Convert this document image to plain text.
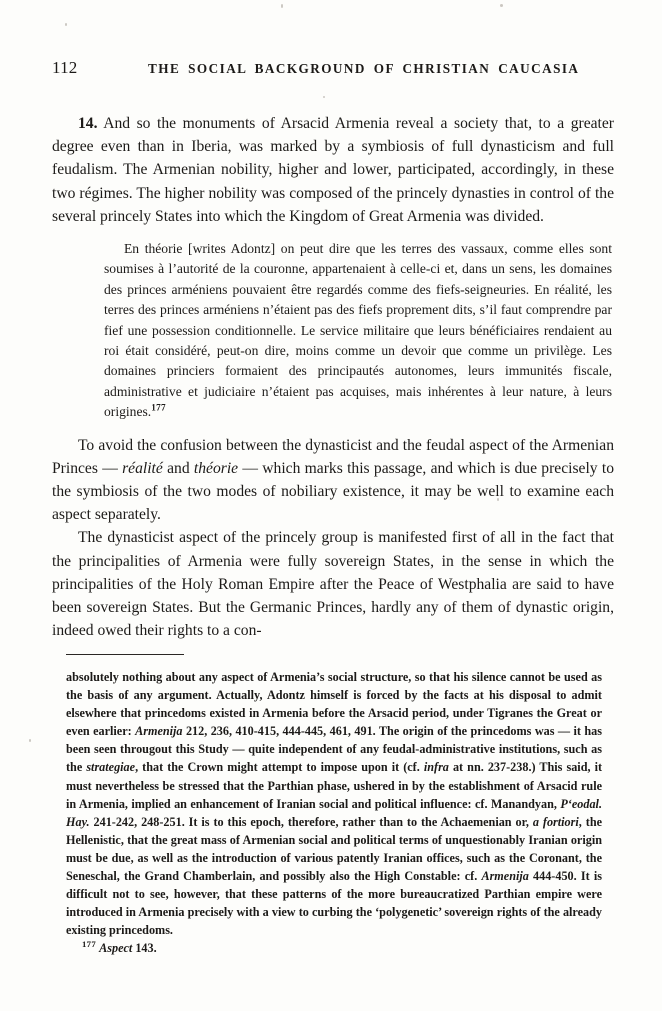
112	THE SOCIAL BACKGROUND OF CHRISTIAN CAUCASIA

14. And so the monuments of Arsacid Armenia reveal a society that, to a greater degree even than in Iberia, was marked by a symbiosis of full dynasticism and full feudalism. The Armenian nobility, higher and lower, participated, accordingly, in these two régimes. The higher nobility was composed of the princely dynasties in control of the several princely States into which the Kingdom of Great Armenia was divided.

En théorie [writes Adontz] on peut dire que les terres des vassaux, comme elles sont soumises à l’autorité de la couronne, appartenaient à celle-ci et, dans un sens, les domaines des princes arméniens pouvaient être regardés comme des fiefs-seigneuries. En réalité, les terres des princes arméniens n’étaient pas des fiefs proprement dits, s’il faut comprendre par fief une possession conditionnelle. Le service militaire que leurs bénéficiaires rendaient au roi était considéré, peut-on dire, moins comme un devoir que comme un privilège. Les domaines princiers formaient des principautés autonomes, leurs immunités fiscale, administrative et judiciaire n’étaient pas acquises, mais inhérentes à leur nature, à leurs origines.$^{177}$

To avoid the confusion between the dynasticist and the feudal aspect of the Armenian Princes — réalité and théorie — which marks this passage, and which is due precisely to the symbiosis of the two modes of nobiliary existence, it may be well to examine each aspect separately.

The dynasticist aspect of the princely group is manifested first of all in the fact that the principalities of Armenia were fully sovereign States, in the sense in which the principalities of the Holy Roman Empire after the Peace of Westphalia are said to have been sovereign States. But the Germanic Princes, hardly any of them of dynastic origin, indeed owed their rights to a con-

absolutely nothing about any aspect of Armenia’s social structure, so that his silence cannot be used as the basis of any argument. Actually, Adontz himself is forced by the facts at his disposal to admit elsewhere that princedoms existed in Armenia before the Arsacid period, under Tigranes the Great or even earlier: Armenija 212, 236, 410-415, 444-445, 461, 491. The origin of the princedoms was — it has been seen througout this Study — quite independent of any feudal-administrative institutions, such as the strategiae, that the Crown might attempt to impose upon it (cf. infra at nn. 237-238.) This said, it must nevertheless be stressed that the Parthian phase, ushered in by the establishment of Arsacid rule in Armenia, implied an enhancement of Iranian social and political influence: cf. Manandyan, P‘eodal. Hay. 241-242, 248-251. It is to this epoch, therefore, rather than to the Achaemenian or, a fortiori, the Hellenistic, that the great mass of Armenian social and political terms of unquestionably Iranian origin must be due, as well as the introduction of various patently Iranian offices, such as the Coronant, the Seneschal, the Grand Chamberlain, and possibly also the High Constable: cf. Armenija 444-450. It is difficult not to see, however, that these patterns of the more bureaucratized Parthian empire were introduced in Armenia precisely with a view to curbing the ‘polygenetic’ sovereign rights of the already existing princedoms.

$^{177}$ Aspect 143.
